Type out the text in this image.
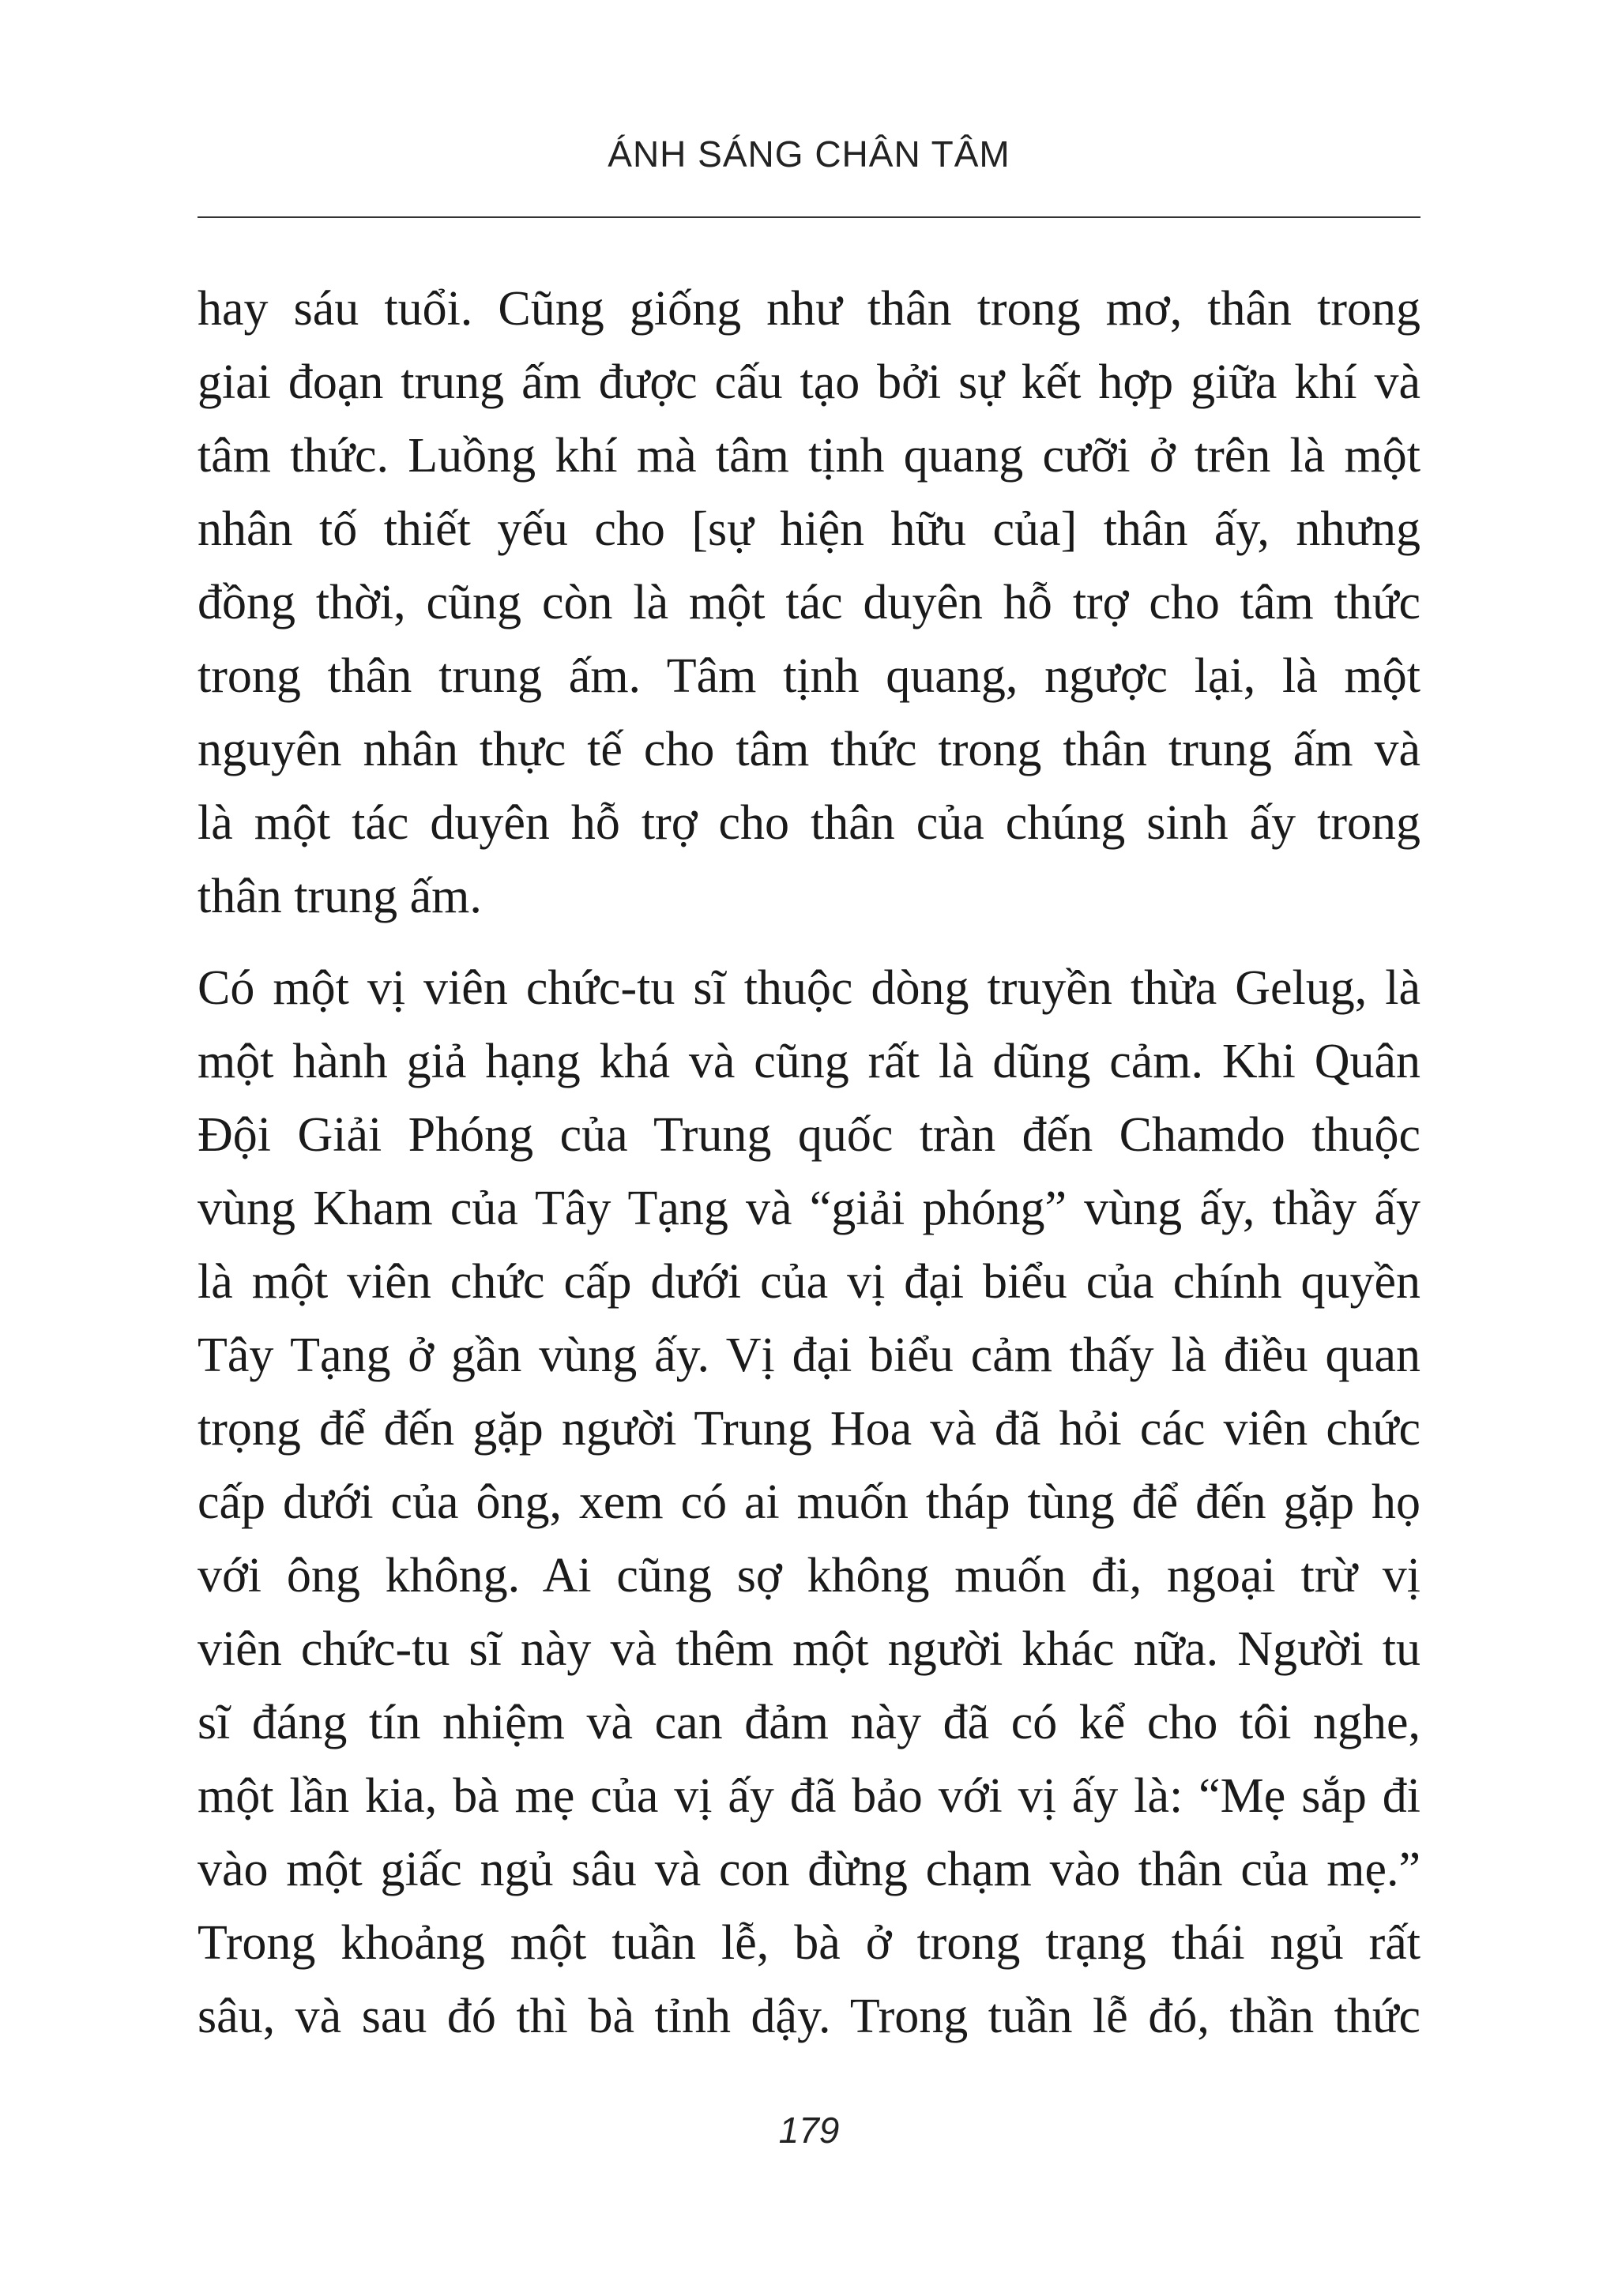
ÁNH SÁNG CHÂN TÂM
hay sáu tuổi. Cũng giống như thân trong mơ, thân trong
giai đoạn trung ấm được cấu tạo bởi sự kết hợp giữa khí và
tâm thức. Luồng khí mà tâm tịnh quang cưỡi ở trên là một
nhân tố thiết yếu cho [sự hiện hữu của] thân ấy, nhưng
đồng thời, cũng còn là một tác duyên hỗ trợ cho tâm thức
trong thân trung ấm. Tâm tịnh quang, ngược lại, là một
nguyên nhân thực tế cho tâm thức trong thân trung ấm và
là một tác duyên hỗ trợ cho thân của chúng sinh ấy trong
thân trung ấm.
Có một vị viên chức-tu sĩ thuộc dòng truyền thừa Gelug, là
một hành giả hạng khá và cũng rất là dũng cảm. Khi Quân
Đội Giải Phóng của Trung quốc tràn đến Chamdo thuộc
vùng Kham của Tây Tạng và “giải phóng” vùng ấy, thầy ấy
là một viên chức cấp dưới của vị đại biểu của chính quyền
Tây Tạng ở gần vùng ấy. Vị đại biểu cảm thấy là điều quan
trọng để đến gặp người Trung Hoa và đã hỏi các viên chức
cấp dưới của ông, xem có ai muốn tháp tùng để đến gặp họ
với ông không. Ai cũng sợ không muốn đi, ngoại trừ vị
viên chức-tu sĩ này và thêm một người khác nữa. Người tu
sĩ đáng tín nhiệm và can đảm này đã có kể cho tôi nghe,
một lần kia, bà mẹ của vị ấy đã bảo với vị ấy là: “Mẹ sắp đi
vào một giấc ngủ sâu và con đừng chạm vào thân của mẹ.”
Trong khoảng một tuần lễ, bà ở trong trạng thái ngủ rất
sâu, và sau đó thì bà tỉnh dậy. Trong tuần lễ đó, thần thức
179
